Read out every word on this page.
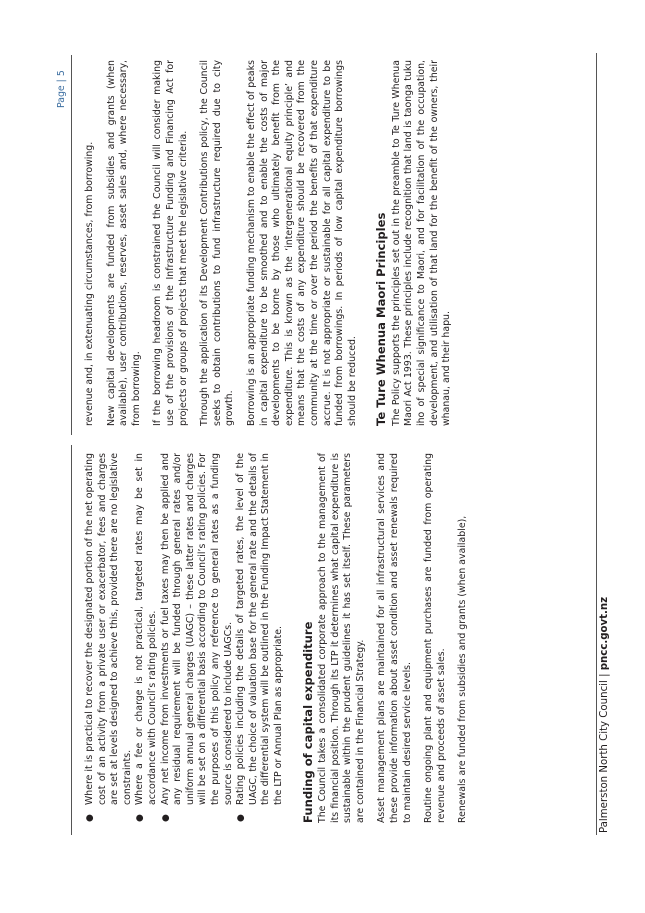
Page | 5
●
Where it is practical to recover the designated portion of the net operating cost of an activity from a private user or exacerbator, fees and charges are set at levels designed to achieve this, provided there are no legislative constraints.
●
Where a fee or charge is not practical, targeted rates may be set in accordance with Council’s rating policies.
●
Any net income from investments or fuel taxes may then be applied and any residual requirement will be funded through general rates and/or uniform annual general charges (UAGC) – these latter rates and charges will be set on a differential basis according to Council’s rating policies. For the purposes of this policy any reference to general rates as a funding source is considered to include UAGCs.
●
Rating policies including the details of targeted rates, the level of the UAGC, the choice of valuation base for the general rate and the details of the differential system will be outlined in the Funding Impact Statement in the LTP or Annual Plan as appropriate. Funding of capital expenditure The Council takes a consolidated corporate approach to the management of its financial position. Through its LTP it determines what capital expenditure is sustainable within the prudent guidelines it has set itself. These parameters are contained in the Financial Strategy. Asset management plans are maintained for all infrastructural services and these provide information about asset condition and asset renewals required to maintain desired service levels. Routine ongoing plant and equipment purchases are funded from operating revenue and proceeds of asset sales. Renewals are funded from subsidies and grants (when available),

revenue and, in extenuating circumstances, from borrowing. New capital developments are funded from subsidies and grants (when available), user contributions, reserves, asset sales and, where necessary, from borrowing. If the borrowing headroom is constrained the Council will consider making use of the provisions of the Infrastructure Funding and Financing Act for projects or groups of projects that meet the legislative criteria. Through the application of its Development Contributions policy, the Council seeks to obtain contributions to fund infrastructure required due to city growth. Borrowing is an appropriate funding mechanism to enable the effect of peaks in capital expenditure to be smoothed and to enable the costs of major developments to be borne by those who ultimately benefit from the expenditure. This is known as the ‘intergenerational equity principle’ and means that the costs of any expenditure should be recovered from the community at the time or over the period the benefits of that expenditure accrue. It is not appropriate or sustainable for all capital expenditure to be funded from borrowings. In periods of low capital expenditure borrowings should be reduced. Te Ture Whenua Maori Principles The Policy supports the principles set out in the preamble to Te Ture Whenua Maori Act 1993. These principles include recognition that land is taonga tuku iho of special significance to Maori, and for facilitation of the occupation, development, and utilisation of that land for the benefit of the owners, their whanau, and their hapu.

Palmerston North City Council | pncc.govt.nz
